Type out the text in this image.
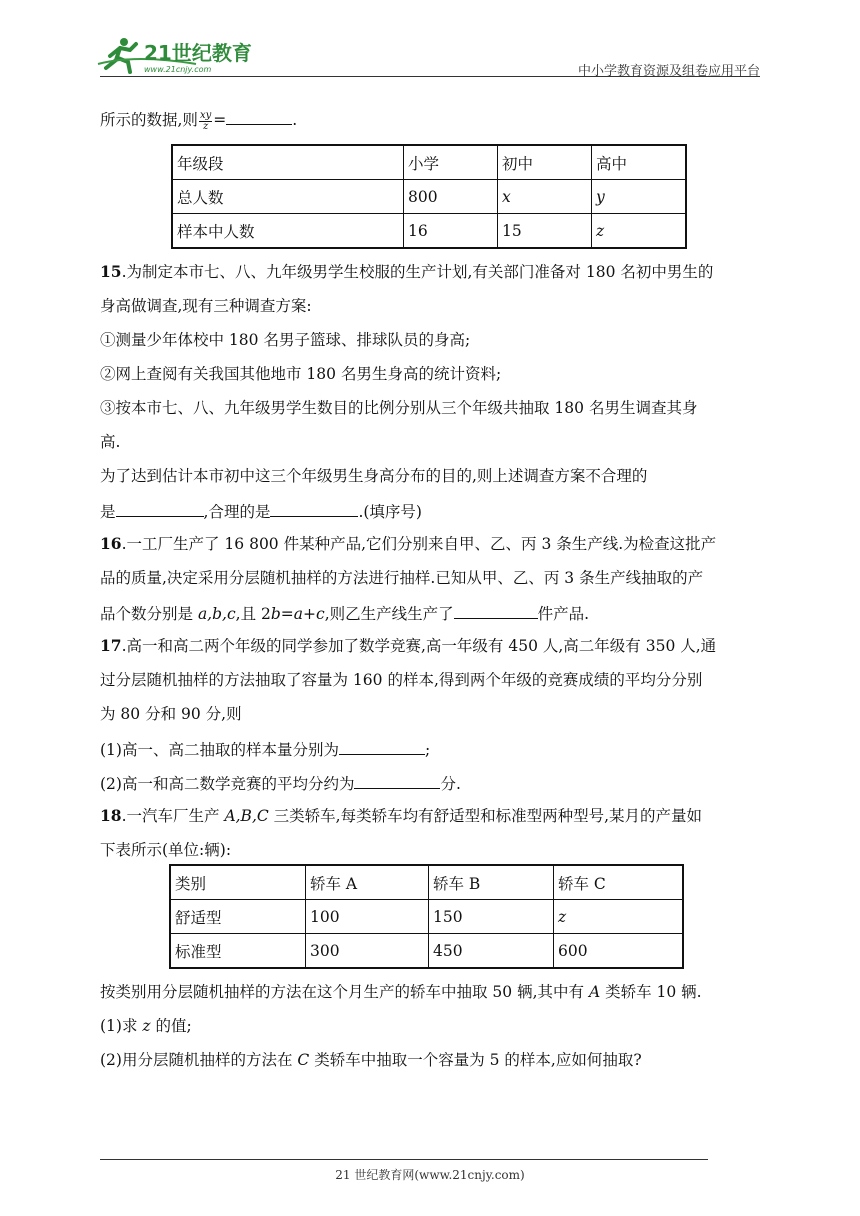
21世纪教育
www.21cnjy.com	中小学教育资源及组卷应用平台
所示的数据,则 $\frac{xy}{z}$ =	.
年级段	小学	初中	高中
总人数	800	x	y
样本中人数	16	15	z
15.为制定本市七、八、九年级男学生校服的生产计划,有关部门准备对 180 名初中男生的
身高做调查,现有三种调查方案:
①测量少年体校中 180 名男子篮球、排球队员的身高;
②网上查阅有关我国其他地市 180 名男生身高的统计资料;
③按本市七、八、九年级男学生数目的比例分别从三个年级共抽取 180 名男生调查其身
高.
为了达到估计本市初中这三个年级男生身高分布的目的,则上述调查方案不合理的
是	,合理的是	.(填序号)
16.一工厂生产了 16 800 件某种产品,它们分别来自甲、乙、丙 3 条生产线.为检查这批产
品的质量,决定采用分层随机抽样的方法进行抽样.已知从甲、乙、丙 3 条生产线抽取的产
品个数分别是 a,b,c,且 2b=a+c,则乙生产线生产了	件产品.
17.高一和高二两个年级的同学参加了数学竞赛,高一年级有 450 人,高二年级有 350 人,通
过分层随机抽样的方法抽取了容量为 160 的样本,得到两个年级的竞赛成绩的平均分分别
为 80 分和 90 分,则
(1)高一、高二抽取的样本量分别为	;
(2)高一和高二数学竞赛的平均分约为	分.
18.一汽车厂生产 A,B,C 三类轿车,每类轿车均有舒适型和标准型两种型号,某月的产量如
下表所示(单位:辆):
类别	轿车 A	轿车 B	轿车 C
舒适型	100	150	z
标准型	300	450	600
按类别用分层随机抽样的方法在这个月生产的轿车中抽取 50 辆,其中有 A 类轿车 10 辆.
(1)求 z 的值;
(2)用分层随机抽样的方法在 C 类轿车中抽取一个容量为 5 的样本,应如何抽取?
21 世纪教育网(www.21cnjy.com)
